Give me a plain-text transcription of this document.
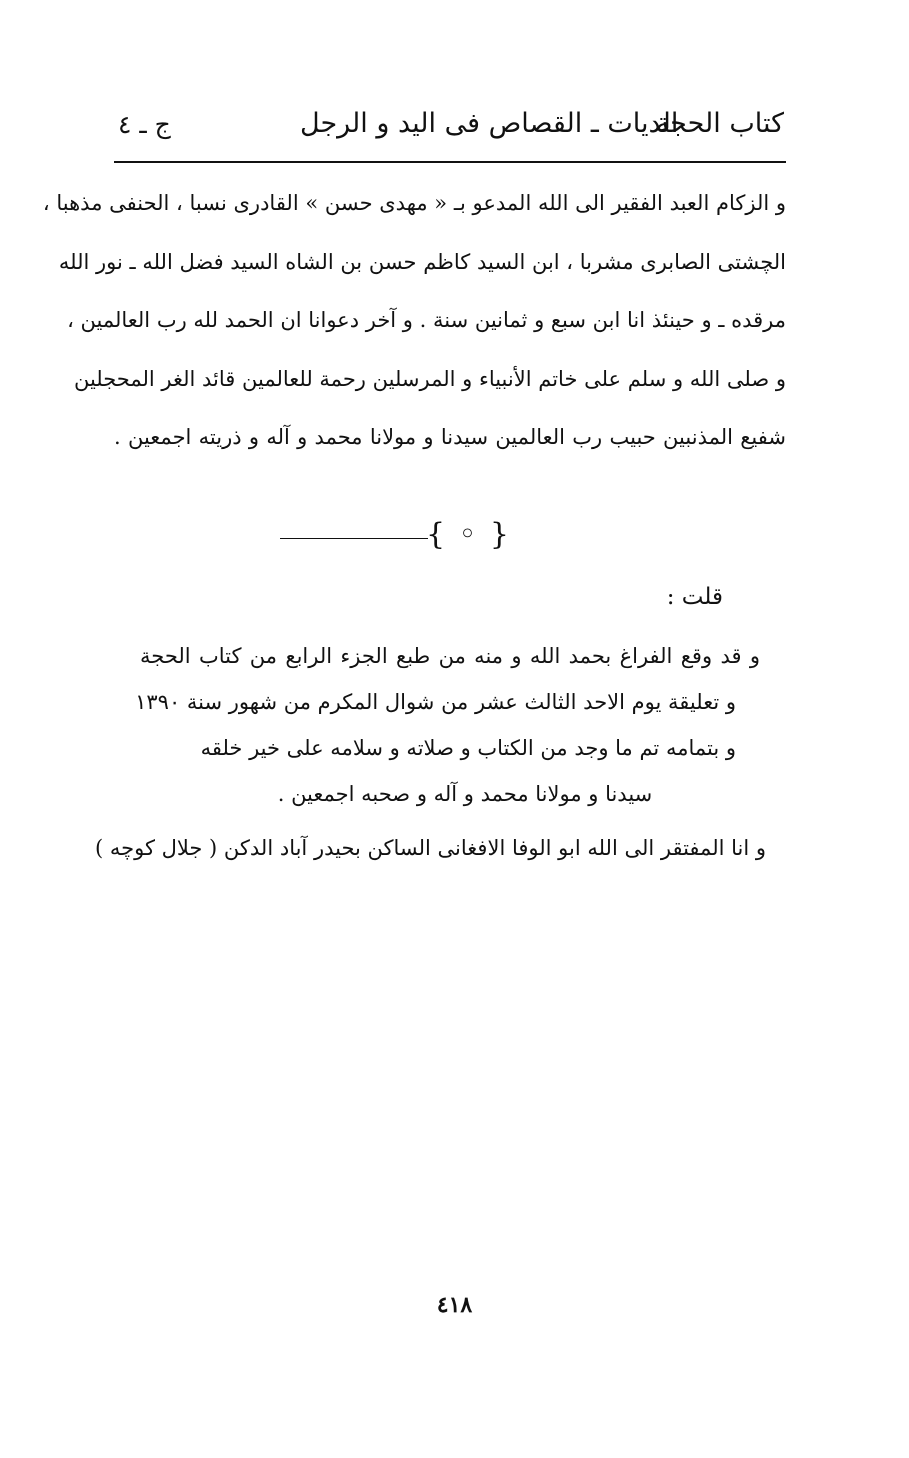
كتاب الحجة
الديات ـ القصاص فى اليد و الرجل
ج ـ ٤
و الزكام العبد الفقير الى الله المدعو بـ « مهدى حسن » القادرى نسبا ، الحنفى مذهبا ،
الچشتى الصابرى مشربا ، ابن السيد كاظم حسن بن الشاه السيد فضل الله ـ نور الله
مرقده ـ و حينئذ انا ابن سبع و ثمانين سنة . و آخر دعوانا ان الحمد لله رب العالمين ،
و صلى الله و سلم على خاتم الأنبياء و المرسلين رحمة للعالمين قائد الغر المحجلين
شفيع المذنبين حبيب رب العالمين سيدنا و مولانا محمد و آله و ذريته اجمعين .
{ ◦ }
قلت :
و قد وقع الفراغ بحمد الله و منه من طبع الجزء الرابع من كتاب الحجة
و تعليقة يوم الاحد الثالث عشر من شوال المكرم من شهور سنة ١٣٩٠
و بتمامه تم ما وجد من الكتاب و صلاته و سلامه على خير خلقه
سيدنا و مولانا محمد و آله و صحبه اجمعين .
و انا المفتقر الى الله ابو الوفا الافغانى الساكن بحيدر آباد الدكن ( جلال كوچه )
٤١٨
